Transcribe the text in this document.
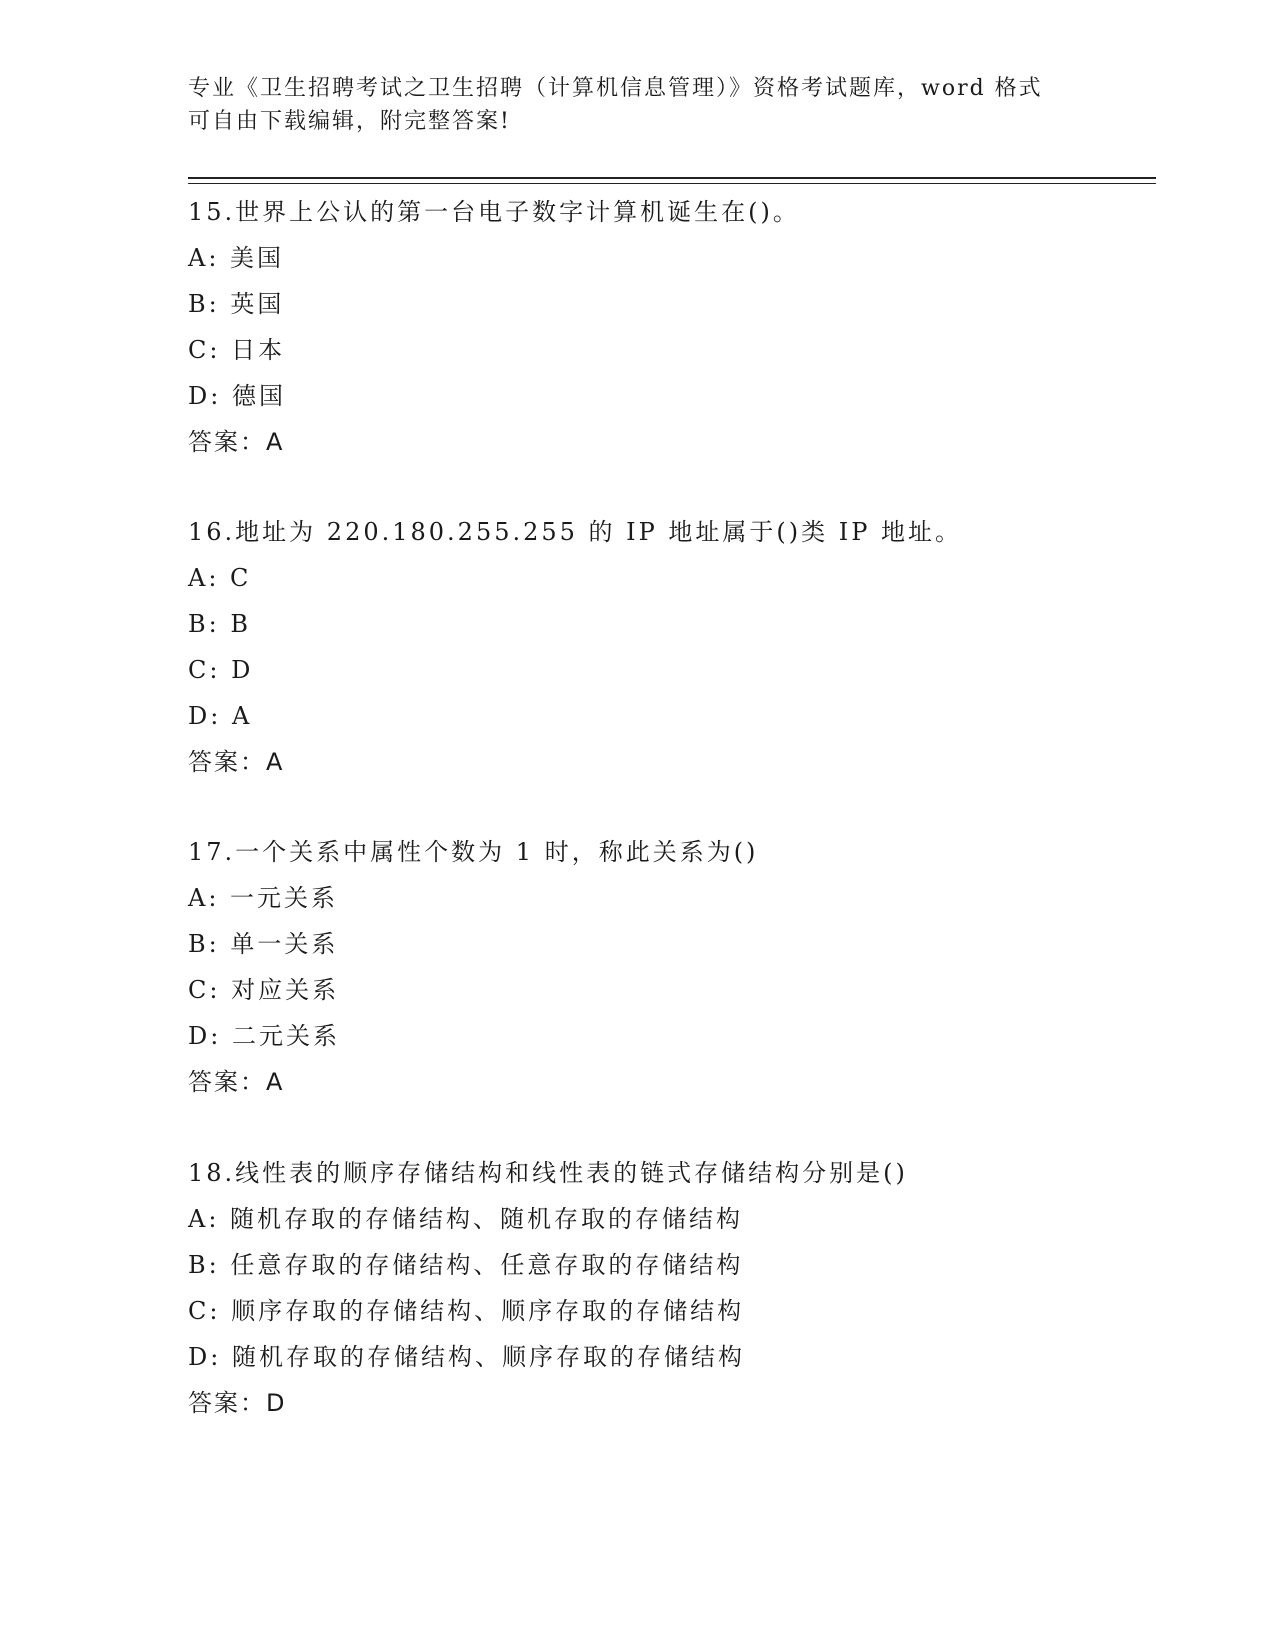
专业《卫生招聘考试之卫生招聘（计算机信息管理）》资格考试题库，word 格式
可自由下载编辑，附完整答案!
15.世界上公认的第一台电子数字计算机诞生在()。
A: 美国
B: 英国
C: 日本
D: 德国
答案：A
16.地址为 220.180.255.255 的 IP 地址属于()类 IP 地址。
A: C
B: B
C: D
D: A
答案：A
17.一个关系中属性个数为 1 时，称此关系为()
A: 一元关系
B: 单一关系
C: 对应关系
D: 二元关系
答案：A
18.线性表的顺序存储结构和线性表的链式存储结构分别是()
A: 随机存取的存储结构、随机存取的存储结构
B: 任意存取的存储结构、任意存取的存储结构
C: 顺序存取的存储结构、顺序存取的存储结构
D: 随机存取的存储结构、顺序存取的存储结构
答案：D
